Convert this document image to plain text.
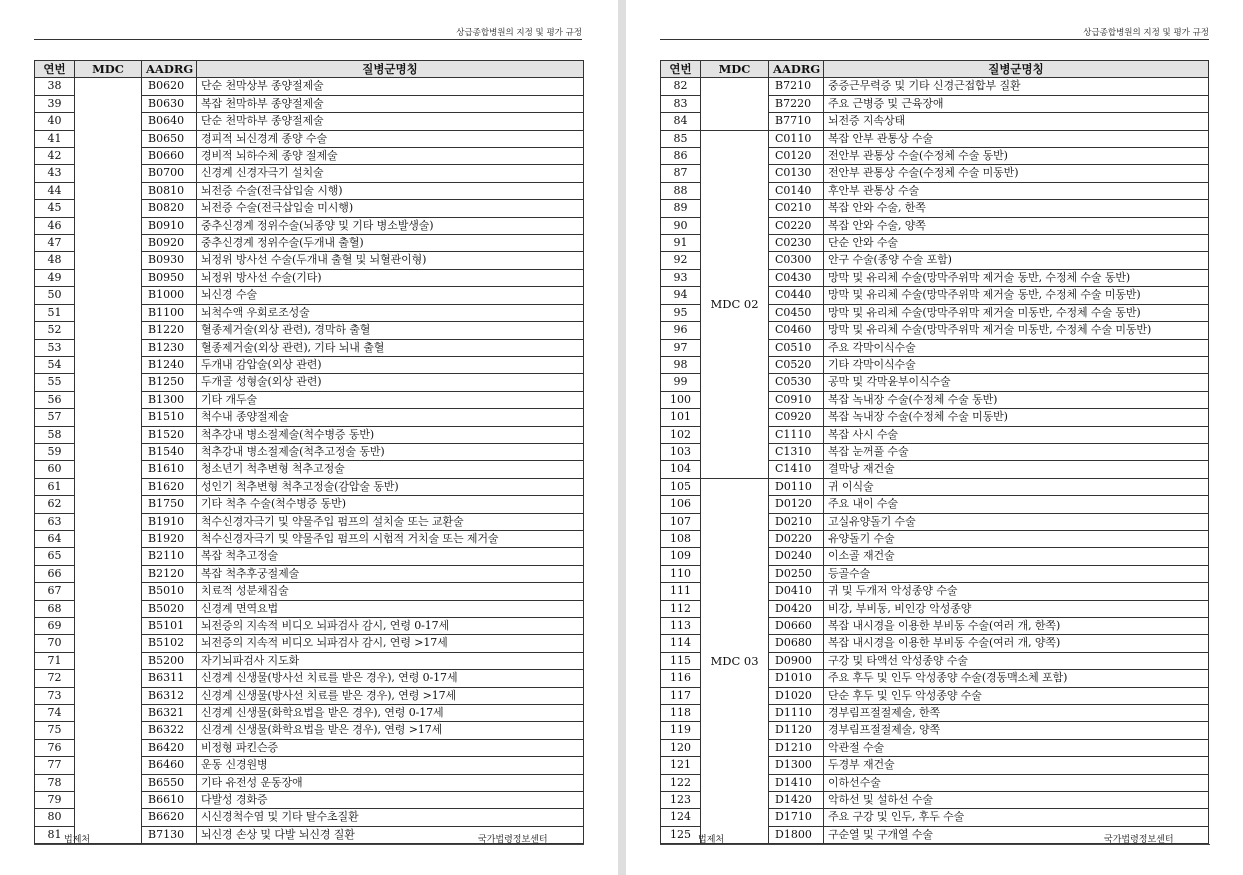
상급종합병원의 지정 및 평가 규정
연번	MDC	AADRG	질병군명칭
38		B0620	단순 천막상부 종양절제술
39		B0630	복잡 천막하부 종양절제술
40		B0640	단순 천막하부 종양절제술
41		B0650	경피적 뇌신경계 종양 수술
42		B0660	경비적 뇌하수체 종양 절제술
43		B0700	신경계 신경자극기 설치술
44		B0810	뇌전증 수술(전극삽입술 시행)
45		B0820	뇌전증 수술(전극삽입술 미시행)
46		B0910	중추신경계 정위수술(뇌종양 및 기타 병소발생술)
47		B0920	중추신경계 정위수술(두개내 출혈)
48		B0930	뇌정위 방사선 수술(두개내 출혈 및 뇌혈관이형)
49		B0950	뇌정위 방사선 수술(기타)
50		B1000	뇌신경 수술
51		B1100	뇌척수액 우회로조성술
52		B1220	혈종제거술(외상 관련), 경막하 출혈
53		B1230	혈종제거술(외상 관련), 기타 뇌내 출혈
54		B1240	두개내 감압술(외상 관련)
55		B1250	두개골 성형술(외상 관련)
56		B1300	기타 개두술
57		B1510	척수내 종양절제술
58		B1520	척추강내 병소절제술(척수병증 동반)
59		B1540	척추강내 병소절제술(척추고정술 동반)
60		B1610	청소년기 척추변형 척추고정술
61		B1620	성인기 척추변형 척추고정술(감압술 동반)
62		B1750	기타 척추 수술(척수병증 동반)
63		B1910	척수신경자극기 및 약물주입 펌프의 설치술 또는 교환술
64		B1920	척수신경자극기 및 약물주입 펌프의 시험적 거치술 또는 제거술
65		B2110	복잡 척추고정술
66		B2120	복잡 척추후궁절제술
67		B5010	치료적 성분채집술
68		B5020	신경계 면역요법
69		B5101	뇌전증의 지속적 비디오 뇌파검사 감시, 연령 0-17세
70		B5102	뇌전증의 지속적 비디오 뇌파검사 감시, 연령 >17세
71		B5200	자기뇌파검사 지도화
72		B6311	신경계 신생물(방사선 치료를 받은 경우), 연령 0-17세
73		B6312	신경계 신생물(방사선 치료를 받은 경우), 연령 >17세
74		B6321	신경계 신생물(화학요법을 받은 경우), 연령 0-17세
75		B6322	신경계 신생물(화학요법을 받은 경우), 연령 >17세
76		B6420	비정형 파킨슨증
77		B6460	운동 신경원병
78		B6550	기타 유전성 운동장애
79		B6610	다발성 경화증
80		B6620	시신경척수염 및 기타 탈수초질환
81		B7130	뇌신경 손상 및 다발 뇌신경 질환
법제처	국가법령정보센터
상급종합병원의 지정 및 평가 규정
연번	MDC	AADRG	질병군명칭
82		B7210	중증근무력증 및 기타 신경근접합부 질환
83		B7220	주요 근병증 및 근육장애
84		B7710	뇌전증 지속상태
85	MDC 02	C0110	복잡 안부 관통상 수술
86		C0120	전안부 관통상 수술(수정체 수술 동반)
87		C0130	전안부 관통상 수술(수정체 수술 미동반)
88		C0140	후안부 관통상 수술
89		C0210	복잡 안와 수술, 한쪽
90		C0220	복잡 안와 수술, 양쪽
91		C0230	단순 안와 수술
92		C0300	안구 수술(종양 수술 포함)
93		C0430	망막 및 유리체 수술(망막주위막 제거술 동반, 수정체 수술 동반)
94		C0440	망막 및 유리체 수술(망막주위막 제거술 동반, 수정체 수술 미동반)
95		C0450	망막 및 유리체 수술(망막주위막 제거술 미동반, 수정체 수술 동반)
96		C0460	망막 및 유리체 수술(망막주위막 제거술 미동반, 수정체 수술 미동반)
97		C0510	주요 각막이식수술
98		C0520	기타 각막이식수술
99		C0530	공막 및 각막윤부이식수술
100		C0910	복잡 녹내장 수술(수정체 수술 동반)
101		C0920	복잡 녹내장 수술(수정체 수술 미동반)
102		C1110	복잡 사시 수술
103		C1310	복잡 눈꺼풀 수술
104		C1410	결막낭 재건술
105	MDC 03	D0110	귀 이식술
106		D0120	주요 내이 수술
107		D0210	고실유양돌기 수술
108		D0220	유양돌기 수술
109		D0240	이소골 재건술
110		D0250	등골수술
111		D0410	귀 및 두개저 악성종양 수술
112		D0420	비강, 부비동, 비인강 악성종양
113		D0660	복잡 내시경을 이용한 부비동 수술(여러 개, 한쪽)
114		D0680	복잡 내시경을 이용한 부비동 수술(여러 개, 양쪽)
115		D0900	구강 및 타액선 악성종양 수술
116		D1010	주요 후두 및 인두 악성종양 수술(경동맥소체 포함)
117		D1020	단순 후두 및 인두 악성종양 수술
118		D1110	경부림프절절제술, 한쪽
119		D1120	경부림프절절제술, 양쪽
120		D1210	악관절 수술
121		D1300	두경부 재건술
122		D1410	이하선수술
123		D1420	악하선 및 설하선 수술
124		D1710	주요 구강 및 인두, 후두 수술
125		D1800	구순열 및 구개열 수술
법제처	국가법령정보센터
